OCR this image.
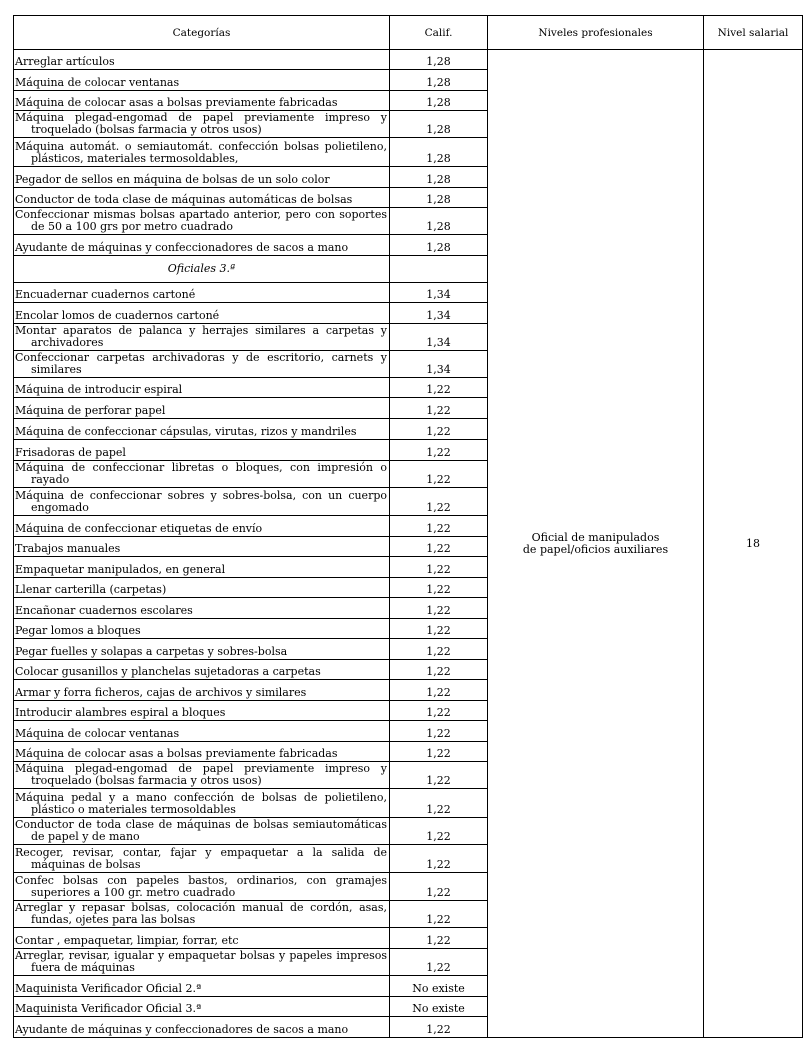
Categorías	Calif.	Niveles profesionales	Nivel salarial

Arreglar artículos	1,28	Oficial de manipulados
de papel/oficios auxiliares	18

Máquina de colocar ventanas	1,28		

Máquina de colocar asas a bolsas previamente fabricadas	1,28		

Máquina plegad-engomad de papel previamente impreso y troquelado (bolsas farmacia y otros usos)	1,28		

Máquina automát. o semiautomát. confección bolsas polietileno, plásticos, materiales termosoldables,	1,28		

Pegador de sellos en máquina de bolsas de un solo color	1,28		

Conductor de toda clase de máquinas automáticas de bolsas	1,28		

Confeccionar mismas bolsas apartado anterior, pero con soportes de 50 a 100 grs por metro cuadrado	1,28		

Ayudante de máquinas y confeccionadores de sacos a mano	1,28		
Oficiales 3.ª			

Encuadernar cuadernos cartoné	1,34		

Encolar lomos de cuadernos cartoné	1,34		

Montar aparatos de palanca y herrajes similares a carpetas y archivadores	1,34		

Confeccionar carpetas archivadoras y de escritorio, carnets y similares	1,34		

Máquina de introducir espiral	1,22		

Máquina de perforar papel	1,22		

Máquina de confeccionar cápsulas, virutas, rizos y mandriles	1,22		

Frisadoras de papel	1,22		

Máquina de confeccionar libretas o bloques, con impresión o rayado	1,22		

Máquina de confeccionar sobres y sobres-bolsa, con un cuerpo engomado	1,22		

Máquina de confeccionar etiquetas de envío	1,22		

Trabajos manuales	1,22		

Empaquetar manipulados, en general	1,22		

Llenar carterilla (carpetas)	1,22		

Encañonar cuadernos escolares	1,22		

Pegar lomos a bloques	1,22		

Pegar fuelles y solapas a carpetas y sobres-bolsa	1,22		

Colocar gusanillos y planchelas sujetadoras a carpetas	1,22		

Armar y forra ficheros, cajas de archivos y similares	1,22		

Introducir alambres espiral a bloques	1,22		

Máquina de colocar ventanas	1,22		

Máquina de colocar asas a bolsas previamente fabricadas	1,22		

Máquina plegad-engomad de papel previamente impreso y troquelado (bolsas farmacia y otros usos)	1,22		

Máquina pedal y a mano confección de bolsas de polietileno, plástico o materiales termosoldables	1,22		

Conductor de toda clase de máquinas de bolsas semiautomáticas de papel y de mano	1,22		

Recoger, revisar, contar, fajar y empaquetar a la salida de máquinas de bolsas	1,22		

Confec bolsas con papeles bastos, ordinarios, con gramajes superiores a 100 gr. metro cuadrado	1,22		

Arreglar y repasar bolsas, colocación manual de cordón, asas, fundas, ojetes para las bolsas	1,22		

Contar , empaquetar, limpiar, forrar, etc	1,22		

Arreglar, revisar, igualar y empaquetar bolsas y papeles impresos fuera de máquinas	1,22		

Maquinista Verificador Oficial 2.ª	No existe		

Maquinista Verificador Oficial 3.ª	No existe		

Ayudante de máquinas y confeccionadores de sacos a mano	1,22		
